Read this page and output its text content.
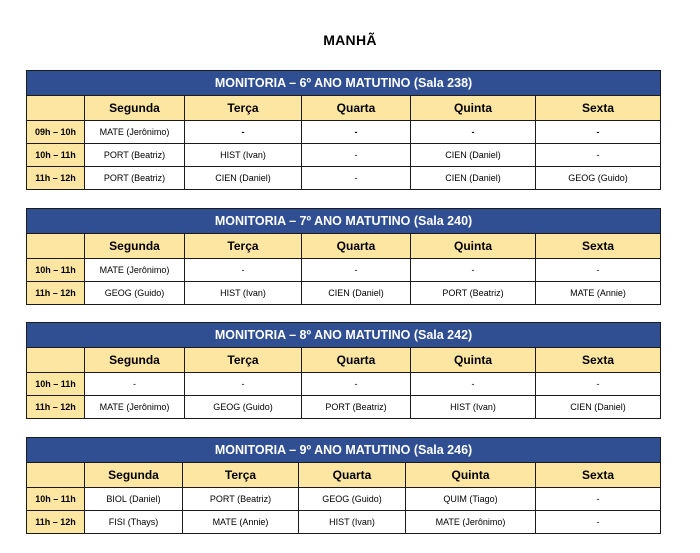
MANHÃ
MONITORIA – 6º ANO MATUTINO (Sala 238)					
	Segunda	Terça	Quarta	Quinta	Sexta
09h – 10h	MATE (Jerônimo)	-	-	-	-
10h – 11h	PORT (Beatriz)	HIST (Ivan)	-	CIEN (Daniel)	-
11h – 12h	PORT (Beatriz)	CIEN (Daniel)	-	CIEN (Daniel)	GEOG (Guido)
MONITORIA – 7º ANO MATUTINO (Sala 240)					
	Segunda	Terça	Quarta	Quinta	Sexta
10h – 11h	MATE (Jerônimo)	-	-	-	-
11h – 12h	GEOG (Guido)	HIST (Ivan)	CIEN (Daniel)	PORT (Beatriz)	MATE (Annie)
MONITORIA – 8º ANO MATUTINO (Sala 242)					
	Segunda	Terça	Quarta	Quinta	Sexta
10h – 11h	-	-	-	-	-
11h – 12h	MATE (Jerônimo)	GEOG (Guido)	PORT (Beatriz)	HIST (Ivan)	CIEN (Daniel)
MONITORIA – 9º ANO MATUTINO (Sala 246)					
	Segunda	Terça	Quarta	Quinta	Sexta
10h – 11h	BIOL (Daniel)	PORT (Beatriz)	GEOG (Guido)	QUIM (Tiago)	-
11h – 12h	FISI (Thays)	MATE (Annie)	HIST (Ivan)	MATE (Jerônimo)	-
